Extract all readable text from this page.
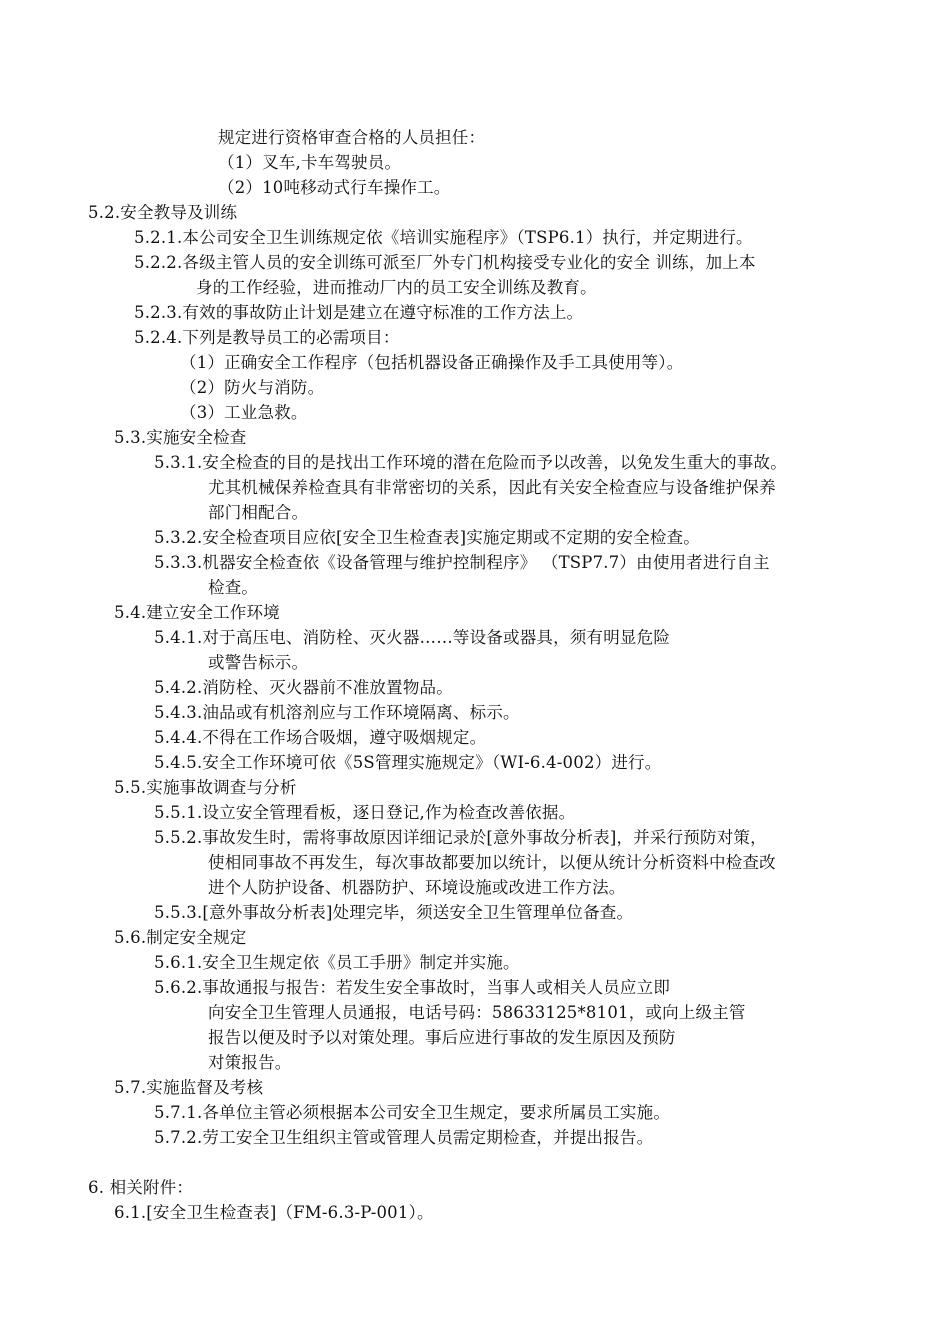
规定进行资格审查合格的人员担任：
（1）叉车,卡车驾驶员。
（2）10吨移动式行车操作工。
5.2.安全教导及训练
5.2.1.本公司安全卫生训练规定依《培训实施程序》（TSP6.1）执行，并定期进行。
5.2.2.各级主管人员的安全训练可派至厂外专门机构接受专业化的安全 训练，加上本
身的工作经验，进而推动厂内的员工安全训练及教育。
5.2.3.有效的事故防止计划是建立在遵守标准的工作方法上。
5.2.4.下列是教导员工的必需项目：
（1）正确安全工作程序（包括机器设备正确操作及手工具使用等）。
（2）防火与消防。
（3）工业急救。
5.3.实施安全检查
5.3.1.安全检查的目的是找出工作环境的潜在危险而予以改善，以免发生重大的事故。
尤其机械保养检查具有非常密切的关系，因此有关安全检查应与设备维护保养
部门相配合。
5.3.2.安全检查项目应依[安全卫生检查表]实施定期或不定期的安全检查。
5.3.3.机器安全检查依《设备管理与维护控制程序》 （TSP7.7）由使用者进行自主
检查。
5.4.建立安全工作环境
5.4.1.对于高压电、消防栓、灭火器……等设备或器具，须有明显危险
或警告标示。
5.4.2.消防栓、灭火器前不准放置物品。
5.4.3.油品或有机溶剂应与工作环境隔离、标示。
5.4.4.不得在工作场合吸烟，遵守吸烟规定。
5.4.5.安全工作环境可依《5S管理实施规定》（WI-6.4-002）进行。
5.5.实施事故调查与分析
5.5.1.设立安全管理看板，逐日登记,作为检查改善依据。
5.5.2.事故发生时，需将事故原因详细记录於[意外事故分析表]，并采行预防对策，
使相同事故不再发生，每次事故都要加以统计，以便从统计分析资料中检查改
进个人防护设备、机器防护、环境设施或改进工作方法。
5.5.3.[意外事故分析表]处理完毕，须送安全卫生管理单位备查。
5.6.制定安全规定
5.6.1.安全卫生规定依《员工手册》制定并实施。
5.6.2.事故通报与报告：若发生安全事故时，当事人或相关人员应立即
向安全卫生管理人员通报，电话号码：58633125*8101，或向上级主管
报告以便及时予以对策处理。事后应进行事故的发生原因及预防
对策报告。
5.7.实施监督及考核
5.7.1.各单位主管必须根据本公司安全卫生规定，要求所属员工实施。
5.7.2.劳工安全卫生组织主管或管理人员需定期检查，并提出报告。
6. 相关附件：
6.1.[安全卫生检查表]（FM-6.3-P-001）。
